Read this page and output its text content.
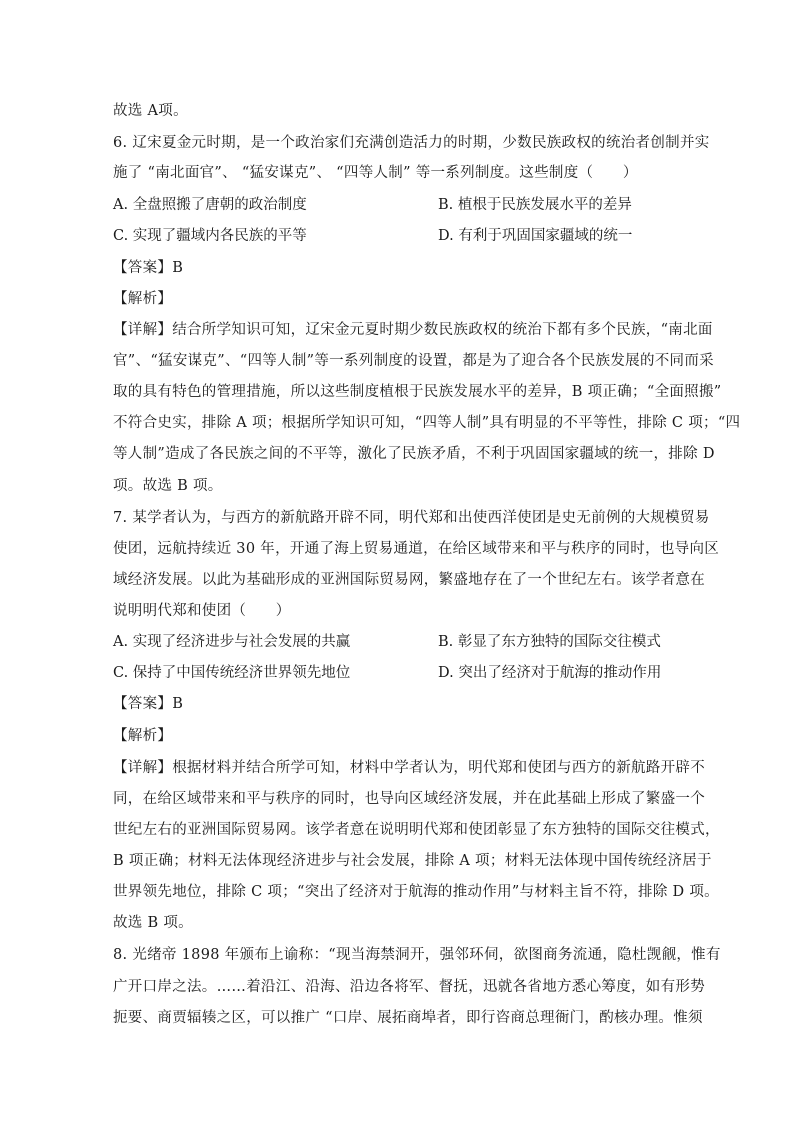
故选 A项。
6. 辽宋夏金元时期，是一个政治家们充满创造活力的时期，少数民族政权的统治者创制并实
施了 “南北面官”、 “猛安谋克”、 “四等人制” 等一系列制度。这些制度（　　）
A. 全盘照搬了唐朝的政治制度	B. 植根于民族发展水平的差异
C. 实现了疆域内各民族的平等	D. 有利于巩固国家疆域的统一
【答案】B
【解析】
【详解】结合所学知识可知，辽宋金元夏时期少数民族政权的统治下都有多个民族，“南北面
官”、“猛安谋克”、“四等人制”等一系列制度的设置，都是为了迎合各个民族发展的不同而采
取的具有特色的管理措施，所以这些制度植根于民族发展水平的差异，B 项正确；“全面照搬”
不符合史实，排除 A 项；根据所学知识可知，“四等人制”具有明显的不平等性，排除 C 项；“四
等人制”造成了各民族之间的不平等，激化了民族矛盾，不利于巩固国家疆域的统一，排除 D
项。故选 B 项。
7. 某学者认为，与西方的新航路开辟不同，明代郑和出使西洋使团是史无前例的大规模贸易
使团，远航持续近 30 年，开通了海上贸易通道，在给区域带来和平与秩序的同时，也导向区
域经济发展。以此为基础形成的亚洲国际贸易网，繁盛地存在了一个世纪左右。该学者意在
说明明代郑和使团（　　）
A. 实现了经济进步与社会发展的共赢	B. 彰显了东方独特的国际交往模式
C. 保持了中国传统经济世界领先地位	D. 突出了经济对于航海的推动作用
【答案】B
【解析】
【详解】根据材料并结合所学可知，材料中学者认为，明代郑和使团与西方的新航路开辟不
同，在给区域带来和平与秩序的同时，也导向区域经济发展，并在此基础上形成了繁盛一个
世纪左右的亚洲国际贸易网。该学者意在说明明代郑和使团彰显了东方独特的国际交往模式，
B 项正确；材料无法体现经济进步与社会发展，排除 A 项；材料无法体现中国传统经济居于
世界领先地位，排除 C 项；“突出了经济对于航海的推动作用”与材料主旨不符，排除 D 项。
故选 B 项。
8. 光绪帝 1898 年颁布上谕称：“现当海禁洞开，强邻环伺，欲图商务流通，隐杜觊觎，惟有
广开口岸之法。……着沿江、沿海、沿边各将军、督抚，迅就各省地方悉心筹度，如有形势
扼要、商贾辐辏之区，可以推广 “口岸、展拓商埠者，即行咨商总理衙门，酌核办理。惟须
